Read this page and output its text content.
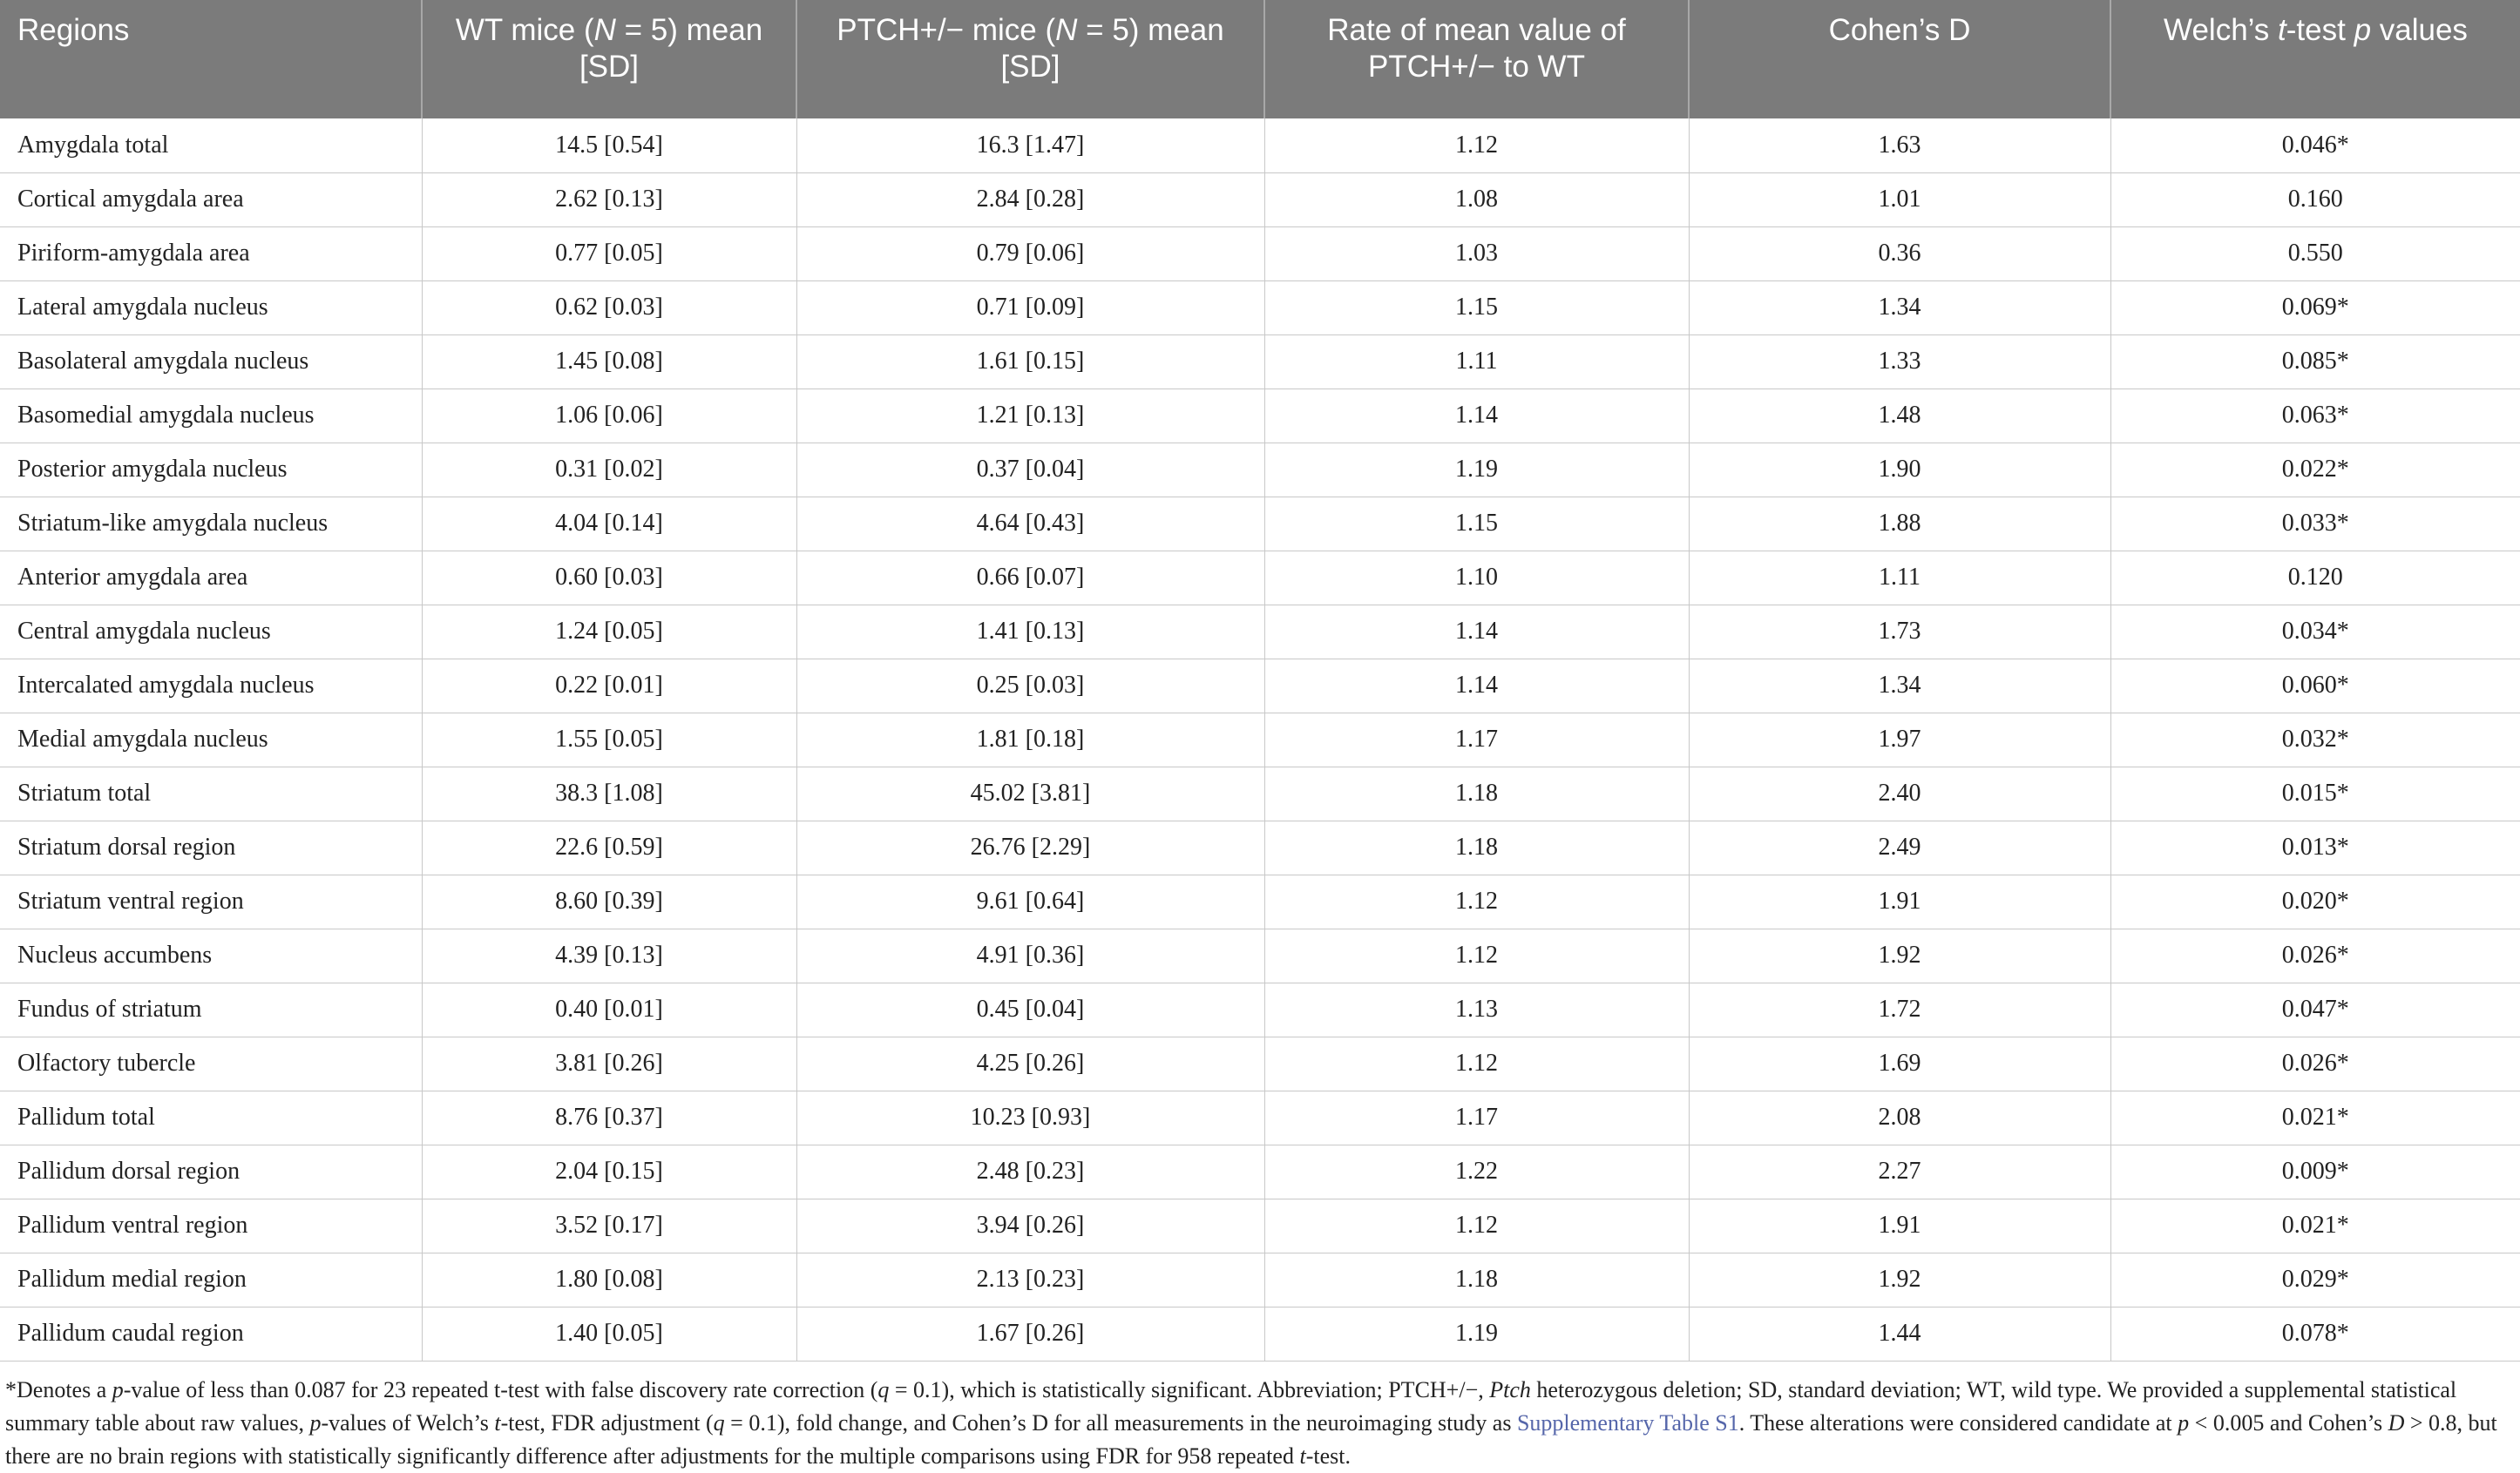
Regions	WT mice (N = 5) mean [SD]	PTCH+/− mice (N = 5) mean [SD]	Rate of mean value of PTCH+/− to WT	Cohen’s D	Welch’s t-test p values
Amygdala total	14.5 [0.54]	16.3 [1.47]	1.12	1.63	0.046*
Cortical amygdala area	2.62 [0.13]	2.84 [0.28]	1.08	1.01	0.160
Piriform-amygdala area	0.77 [0.05]	0.79 [0.06]	1.03	0.36	0.550
Lateral amygdala nucleus	0.62 [0.03]	0.71 [0.09]	1.15	1.34	0.069*
Basolateral amygdala nucleus	1.45 [0.08]	1.61 [0.15]	1.11	1.33	0.085*
Basomedial amygdala nucleus	1.06 [0.06]	1.21 [0.13]	1.14	1.48	0.063*
Posterior amygdala nucleus	0.31 [0.02]	0.37 [0.04]	1.19	1.90	0.022*
Striatum-like amygdala nucleus	4.04 [0.14]	4.64 [0.43]	1.15	1.88	0.033*
Anterior amygdala area	0.60 [0.03]	0.66 [0.07]	1.10	1.11	0.120
Central amygdala nucleus	1.24 [0.05]	1.41 [0.13]	1.14	1.73	0.034*
Intercalated amygdala nucleus	0.22 [0.01]	0.25 [0.03]	1.14	1.34	0.060*
Medial amygdala nucleus	1.55 [0.05]	1.81 [0.18]	1.17	1.97	0.032*
Striatum total	38.3 [1.08]	45.02 [3.81]	1.18	2.40	0.015*
Striatum dorsal region	22.6 [0.59]	26.76 [2.29]	1.18	2.49	0.013*
Striatum ventral region	8.60 [0.39]	9.61 [0.64]	1.12	1.91	0.020*
Nucleus accumbens	4.39 [0.13]	4.91 [0.36]	1.12	1.92	0.026*
Fundus of striatum	0.40 [0.01]	0.45 [0.04]	1.13	1.72	0.047*
Olfactory tubercle	3.81 [0.26]	4.25 [0.26]	1.12	1.69	0.026*
Pallidum total	8.76 [0.37]	10.23 [0.93]	1.17	2.08	0.021*
Pallidum dorsal region	2.04 [0.15]	2.48 [0.23]	1.22	2.27	0.009*
Pallidum ventral region	3.52 [0.17]	3.94 [0.26]	1.12	1.91	0.021*
Pallidum medial region	1.80 [0.08]	2.13 [0.23]	1.18	1.92	0.029*
Pallidum caudal region	1.40 [0.05]	1.67 [0.26]	1.19	1.44	0.078*

*Denotes a p-value of less than 0.087 for 23 repeated t-test with false discovery rate correction (q = 0.1), which is statistically significant. Abbreviation; PTCH+/−, Ptch heterozygous deletion; SD, standard deviation; WT, wild type. We provided a supplemental statistical summary table about raw values, p-values of Welch’s t-test, FDR adjustment (q = 0.1), fold change, and Cohen’s D for all measurements in the neuroimaging study as Supplementary Table S1. These alterations were considered candidate at p < 0.005 and Cohen’s D > 0.8, but there are no brain regions with statistically significantly difference after adjustments for the multiple comparisons using FDR for 958 repeated t-test.
